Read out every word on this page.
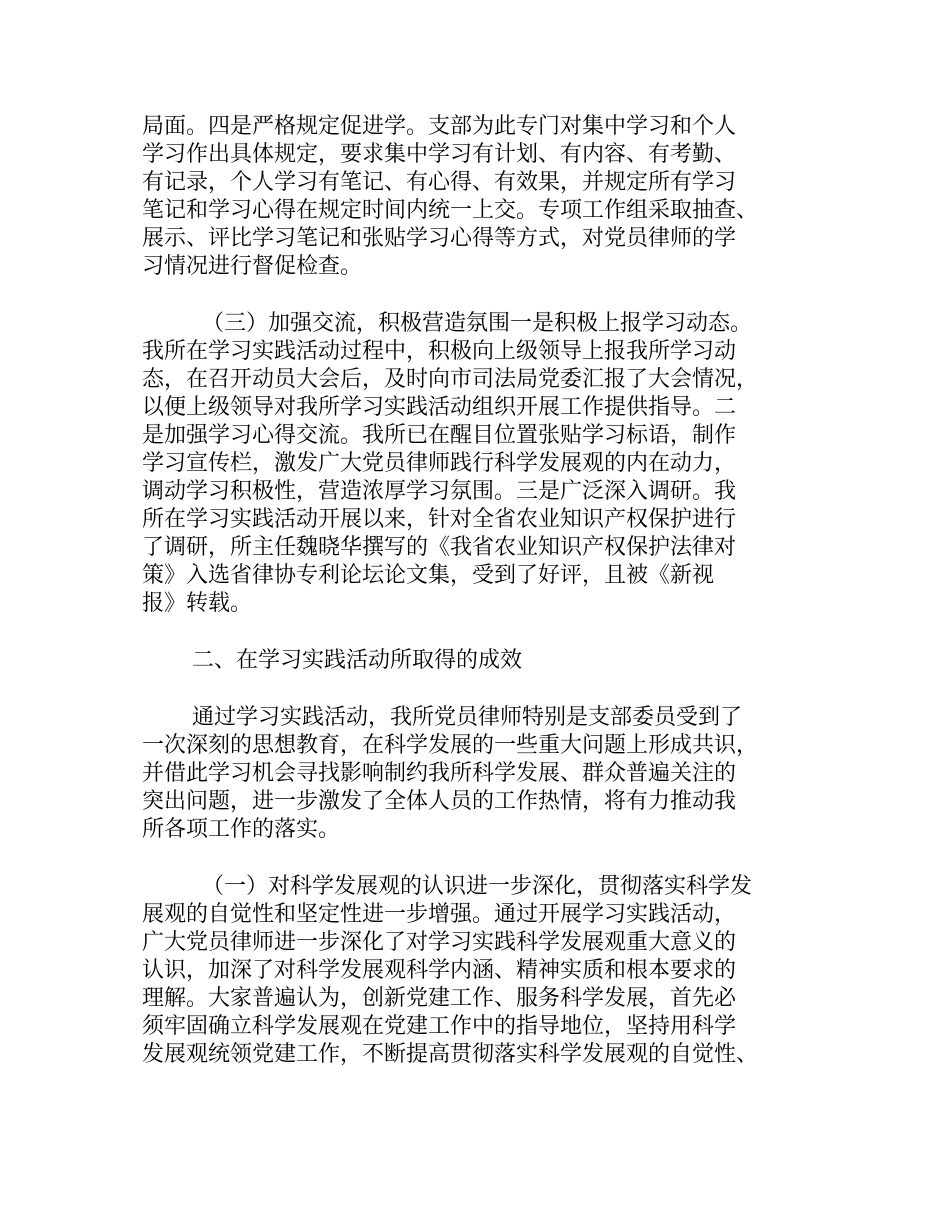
局面。四是严格规定促进学。支部为此专门对集中学习和个人
学习作出具体规定，要求集中学习有计划、有内容、有考勤、
有记录，个人学习有笔记、有心得、有效果，并规定所有学习
笔记和学习心得在规定时间内统一上交。专项工作组采取抽查、
展示、评比学习笔记和张贴学习心得等方式，对党员律师的学
习情况进行督促检查。
（三）加强交流，积极营造氛围一是积极上报学习动态。
我所在学习实践活动过程中，积极向上级领导上报我所学习动
态，在召开动员大会后，及时向市司法局党委汇报了大会情况，
以便上级领导对我所学习实践活动组织开展工作提供指导。二
是加强学习心得交流。我所已在醒目位置张贴学习标语，制作
学习宣传栏，激发广大党员律师践行科学发展观的内在动力，
调动学习积极性，营造浓厚学习氛围。三是广泛深入调研。我
所在学习实践活动开展以来，针对全省农业知识产权保护进行
了调研，所主任魏晓华撰写的《我省农业知识产权保护法律对
策》入选省律协专利论坛论文集，受到了好评，且被《新视
报》转载。
二、在学习实践活动所取得的成效
通过学习实践活动，我所党员律师特别是支部委员受到了
一次深刻的思想教育，在科学发展的一些重大问题上形成共识，
并借此学习机会寻找影响制约我所科学发展、群众普遍关注的
突出问题，进一步激发了全体人员的工作热情，将有力推动我
所各项工作的落实。
（一）对科学发展观的认识进一步深化，贯彻落实科学发
展观的自觉性和坚定性进一步增强。通过开展学习实践活动，
广大党员律师进一步深化了对学习实践科学发展观重大意义的
认识，加深了对科学发展观科学内涵、精神实质和根本要求的
理解。大家普遍认为，创新党建工作、服务科学发展，首先必
须牢固确立科学发展观在党建工作中的指导地位，坚持用科学
发展观统领党建工作，不断提高贯彻落实科学发展观的自觉性、
